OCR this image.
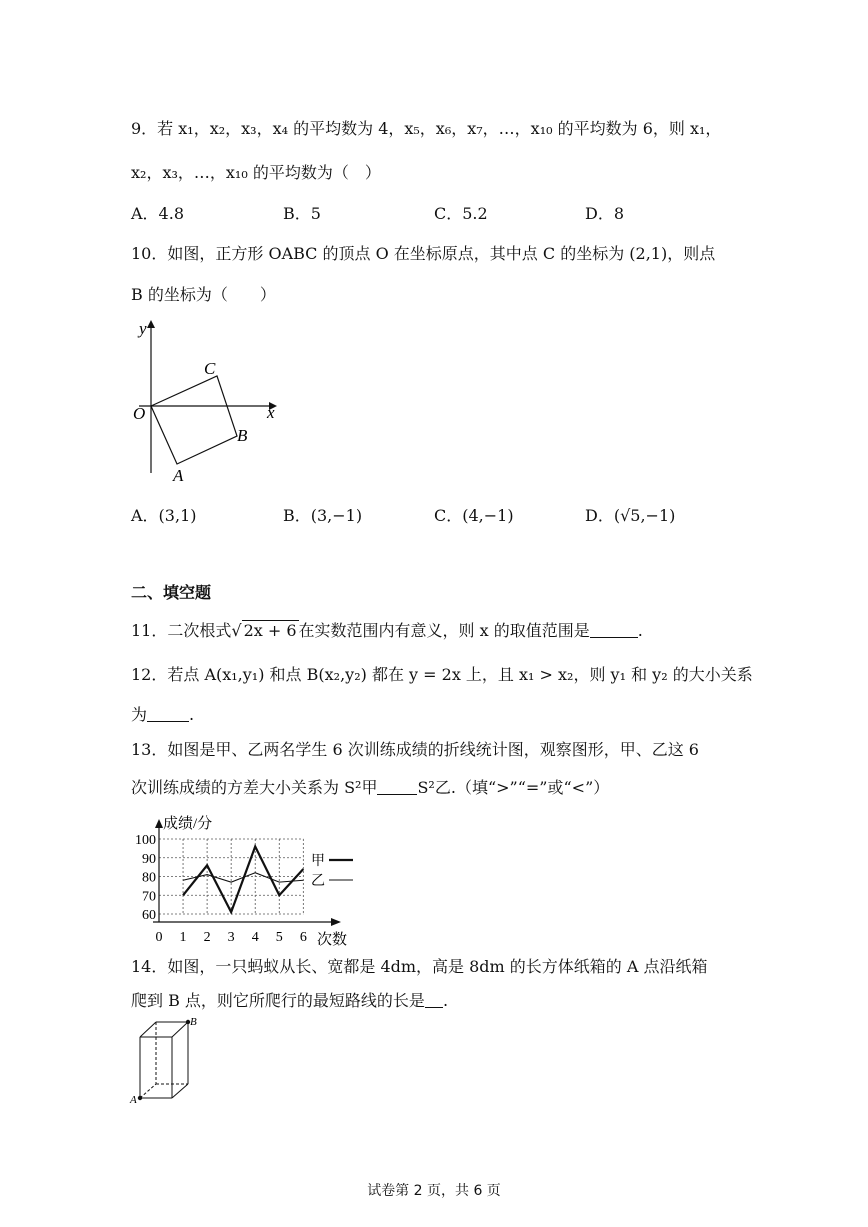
9．若 x₁，x₂，x₃，x₄ 的平均数为 4，x₅，x₆，x₇，…，x₁₀ 的平均数为 6，则 x₁，
x₂，x₃，…，x₁₀ 的平均数为（　）
A．4.8	B．5	C．5.2	D．8
10．如图，正方形 OABC 的顶点 O 在坐标原点，其中点 C 的坐标为 (2,1)，则点
B 的坐标为（　　）
y
x
O
C
B
A
A．(3,1)	B．(3,−1)	C．(4,−1)	D．(√5,−1)
二、填空题
11．二次根式√ 2x + 6 在实数范围内有意义，则 x 的取值范围是	.
12．若点 A(x₁,y₁) 和点 B(x₂,y₂) 都在 y = 2x 上，且 x₁ > x₂，则 y₁ 和 y₂ 的大小关系
为	.
13．如图是甲、乙两名学生 6 次训练成绩的折线统计图，观察图形，甲、乙这 6
次训练成绩的方差大小关系为 S²甲	S²乙.（填“>”“=”或“<”）
60
70
80
90
100
0 1 2 3 4 5 6
成绩/分
次数
甲
乙
14．如图，一只蚂蚁从长、宽都是 4dm，高是 8dm 的长方体纸箱的 A 点沿纸箱
爬到 B 点，则它所爬行的最短路线的长是 .
B
A
试卷第 2 页，共 6 页
